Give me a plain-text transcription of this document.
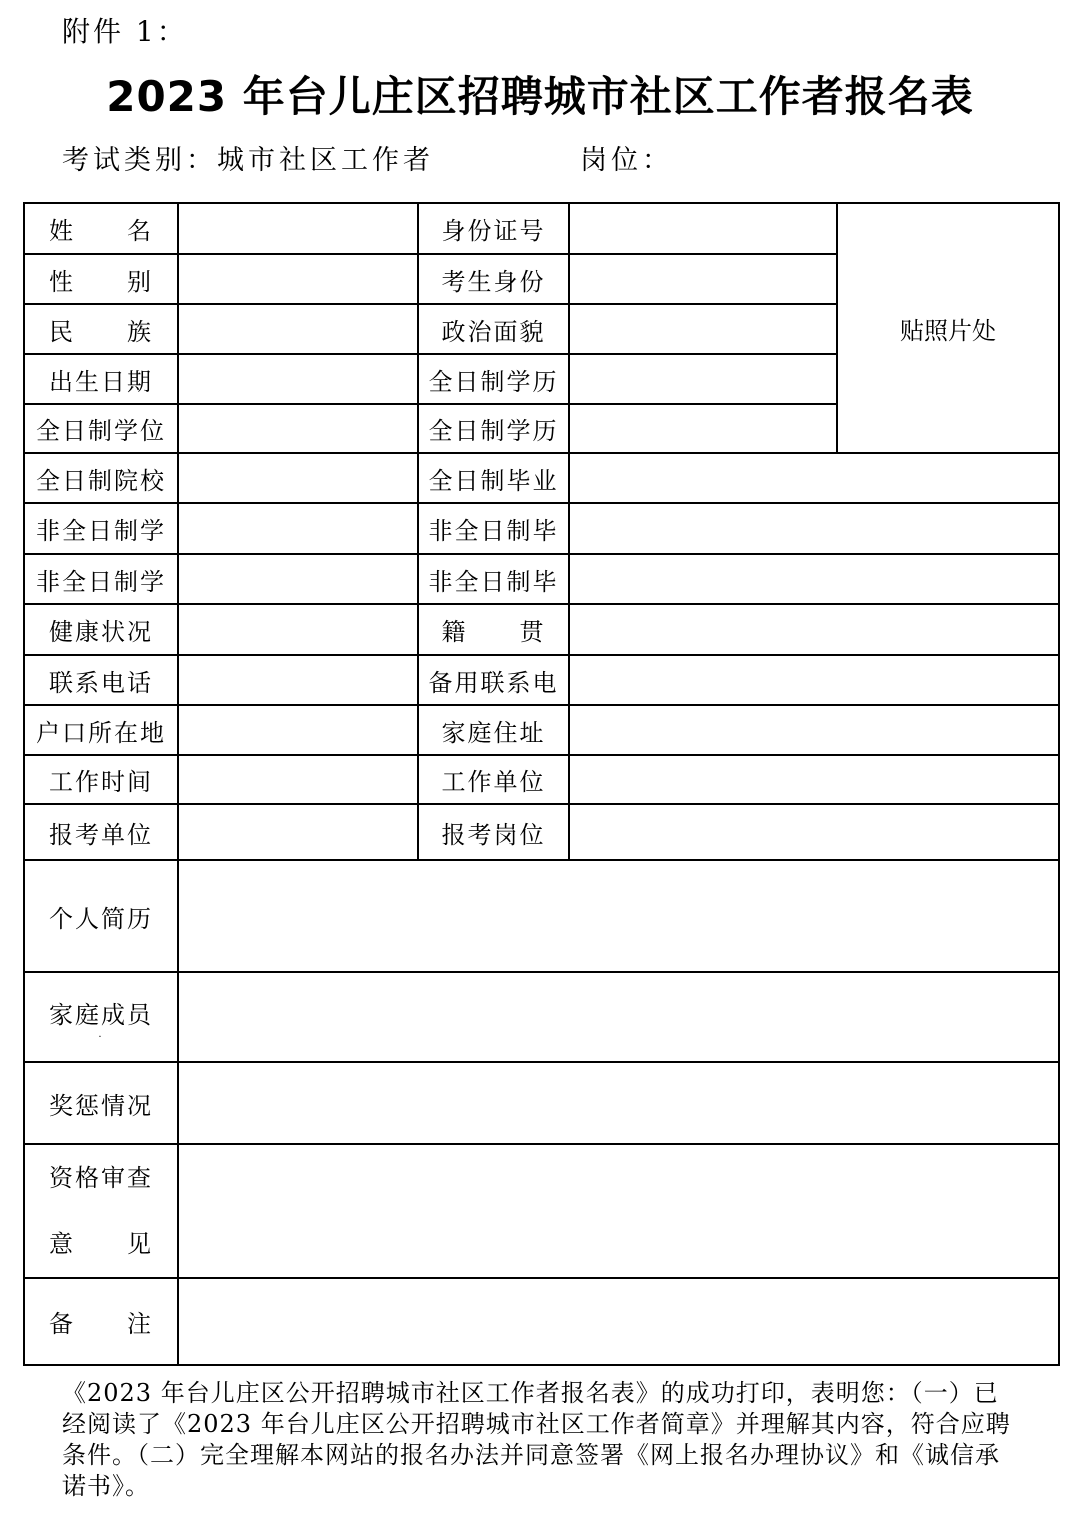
附件 1：
2023 年台儿庄区招聘城市社区工作者报名表
考试类别：城市社区工作者	岗位：
姓　　名		身份证号		贴照片处
性　　别		考生身份		
民　　族		政治面貌		
出生日期		全日制学历		
全日制学位		全日制学历		
全日制院校		全日制毕业		
非全日制学		非全日制毕		
非全日制学		非全日制毕		
健康状况		籍　　贯		
联系电话		备用联系电		
户口所在地		家庭住址		
工作时间		工作单位		
报考单位		报考岗位		
个人简历				
家庭成员
.				

奖惩情况				

资格审查
意　　见				

备　　注				
《2023 年台儿庄区公开招聘城市社区工作者报名表》的成功打印，表明您：（一）已经阅读了《2023 年台儿庄区公开招聘城市社区工作者简章》并理解其内容，符合应聘条件。（二）完全理解本网站的报名办法并同意签署《网上报名办理协议》和《诚信承诺书》。
